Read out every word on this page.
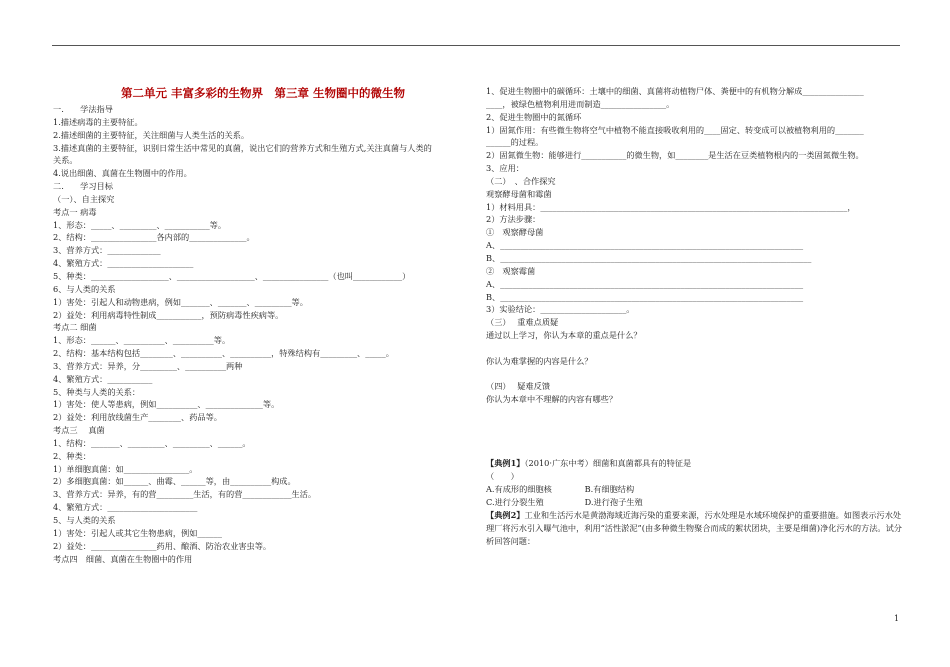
第二单元 丰富多彩的生物界　第三章 生物圈中的微生物
一.　　学法指导
1.描述病毒的主要特征。
2.描述细菌的主要特征，关注细菌与人类生活的关系。
3.描述真菌的主要特征，识别日常生活中常见的真菌，说出它们的营养方式和生殖方式,关注真菌与人类的
关系。
4.说出细菌、真菌在生物圈中的作用。
二.　　学习目标
（一）、自主探究
考点一 病毒
1、形态：_____、_________、___________等。
2、结构：________________各内部的______________。
3、营养方式：_____________
4、繁殖方式：_____________________
5、种类：___________________、___________________、________________（也叫____________）
6、与人类的关系
1）害处：引起人和动物患病，例如_______、_______、_________等。
2）益处：利用病毒特性制成___________，预防病毒性疾病等。
考点二 细菌
1、形态：______、__________、__________等。
2、结构：基本结构包括________、__________、__________，特殊结构有_________、_____。
3、营养方式：异养，分_________、__________两种
4、繁殖方式：___________
5、种类与人类的关系：
1）害处：使人等患病，例如__________、______________等。
2）益处：利用放线菌生产________、药品等。
考点三　 真菌
1、结构：_______、_________、_________、______。
2、种类：
1）单细胞真菌：如________________。
2）多细胞真菌：如______、曲霉、______等，由__________构成。
3、营养方式：异养，有的营_________生活，有的营____________生活。
4、繁殖方式：______________________
5、与人类的关系
1）害处：引起人或其它生物患病，例如______
2）益处：________________药用、酿酒、防治农业害虫等。
考点四　细菌、真菌在生物圈中的作用
1、促进生物圈中的碳循环：土壤中的细菌、真菌将动植物尸体、粪便中的有机物分解成_______________
____，被绿色植物利用进而制造________________。
2、促进生物圈中的氮循环
1）固氮作用：有些微生物将空气中植物不能直接吸收利用的____固定、转变成可以被植物利用的_______
______的过程。
2）固氮微生物：能够进行___________的微生物，如________是生活在豆类植物根内的一类固氮微生物。
3、应用：
（二）　、合作探究
观察酵母菌和霉菌
1）材料用具：___________________________________________________________________________，
2）方法步骤：
①　观察酵母菌
A、__________________________________________________________________________
B、____________________________________________________________________________
②　观察霉菌
A、__________________________________________________________________________
B、__________________________________________________________________________
3）实验结论：_____________________。
（三）　 重难点质疑
通过以上学习，你认为本章的重点是什么？
你认为难掌握的内容是什么？
（四）　 疑难反馈
你认为本章中不理解的内容有哪些？
【典例1】（2010·广东中考）细菌和真菌都具有的特征是
（　　）
A.有成形的细胞核　　　　B.有细胞结构
C.进行分裂生殖　　　　　D.进行孢子生殖
【典例2】工业和生活污水是黄渤海域近海污染的重要来源，污水处理是水域环境保护的重要措施。如图表示污水处理厂将污水引入曝气池中，利用“活性淤泥”(由多种微生物聚合而成的絮状团块，主要是细菌)净化污水的方法。试分析回答问题：
1
